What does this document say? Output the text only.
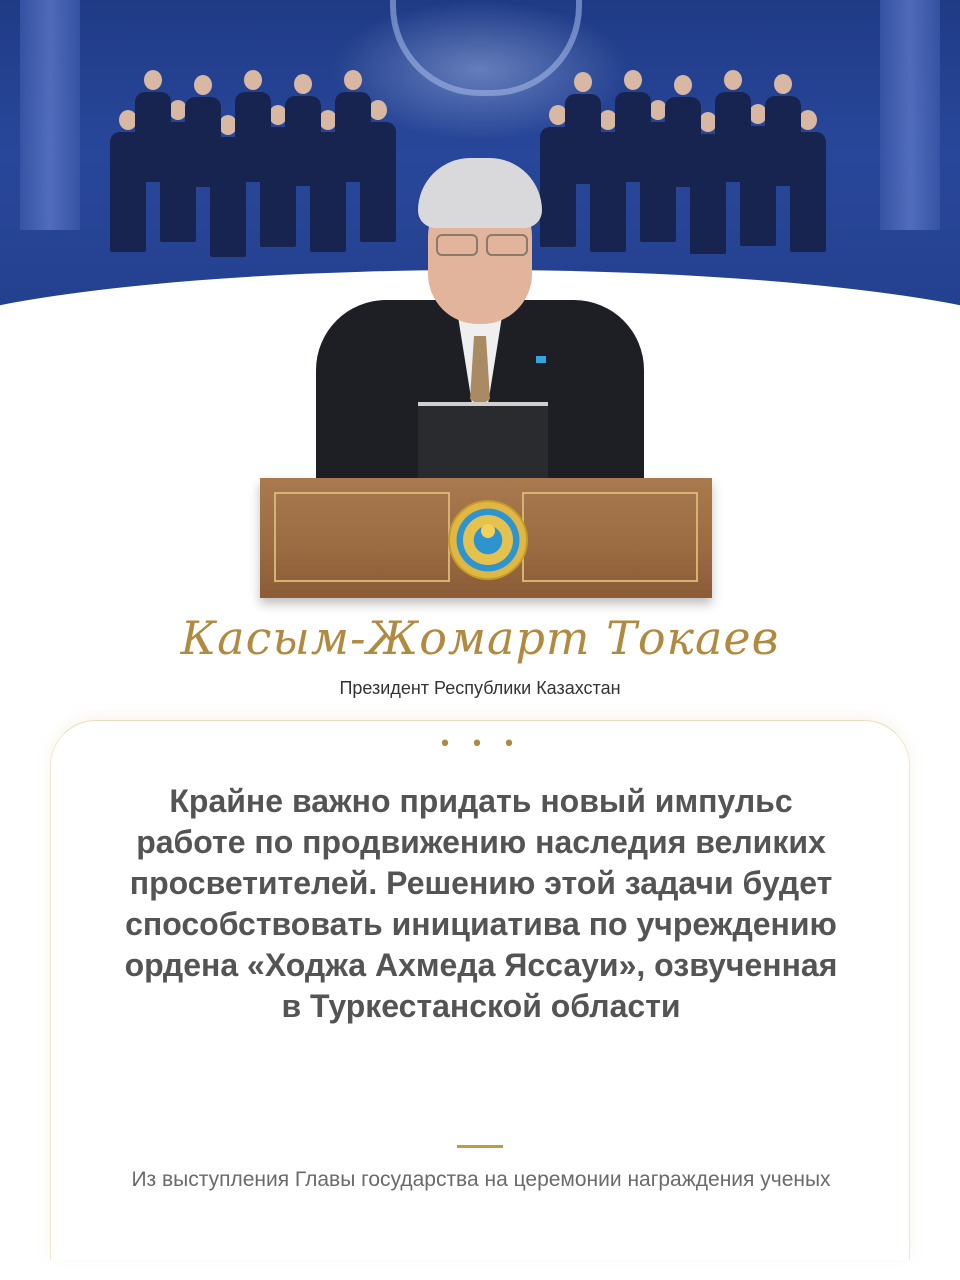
Касым-Жомарт Токаев
Президент Республики Казахстан
• • •

Крайне важно придать новый импульс работе по продвижению наследия великих просветителей. Решению этой задачи будет способствовать инициатива по учреждению ордена «Ходжа Ахмеда Яссауи», озвученная в Туркестанской области

Из выступления Главы государства на церемонии награждения ученых
